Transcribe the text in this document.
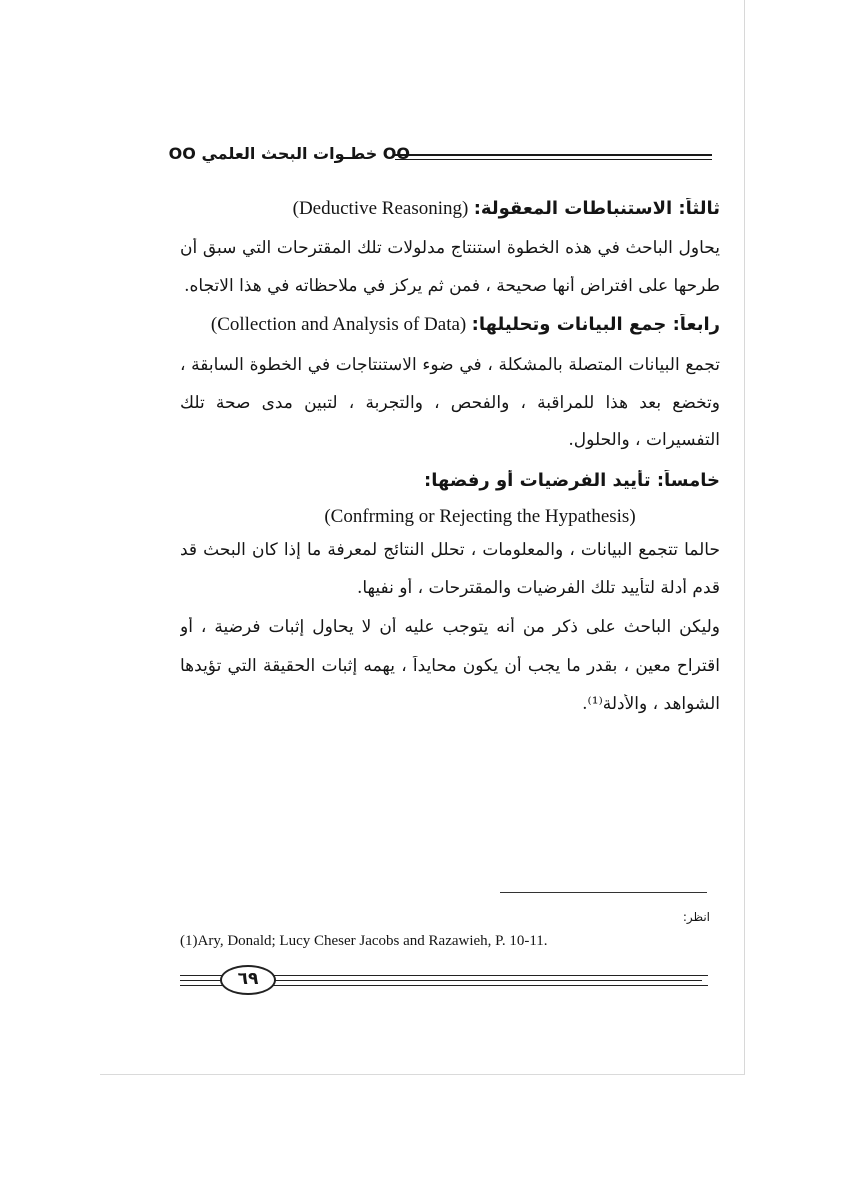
OO خطـوات البحث العلمي OO
ثالثاً: الاستنباطات المعقولة: (Deductive Reasoning)
يحاول الباحث في هذه الخطوة استنتاج مدلولات تلك المقترحات التي سبق أن
طرحها على افتراض أنها صحيحة ، فمن ثم يركز في ملاحظاته في هذا الاتجاه.
رابعاً: جمع البيانات وتحليلها: (Collection and Analysis of Data)
تجمع البيانات المتصلة بالمشكلة ، في ضوء الاستنتاجات في الخطوة السابقة ،
وتخضع بعد هذا للمراقبة ، والفحص ، والتجربة ، لتبين مدى صحة تلك
التفسيرات ، والحلول.
خامساً: تأييد الفرضيات أو رفضها:
(Confrming or Rejecting the Hypathesis)
حالما تتجمع البيانات ، والمعلومات ، تحلل النتائج لمعرفة ما إذا كان البحث قد
قدم أدلة لتأييد تلك الفرضيات والمقترحات ، أو نفيها.
وليكن الباحث على ذكر من أنه يتوجب عليه أن لا يحاول إثبات فرضية ، أو
اقتراح معين ، بقدر ما يجب أن يكون محايداً ، يهمه إثبات الحقيقة التي تؤيدها
الشواهد ، والأدلة⁽¹⁾.
انظر:
(1)Ary, Donald; Lucy Cheser Jacobs and Razawieh, P. 10-11.
٦٩
